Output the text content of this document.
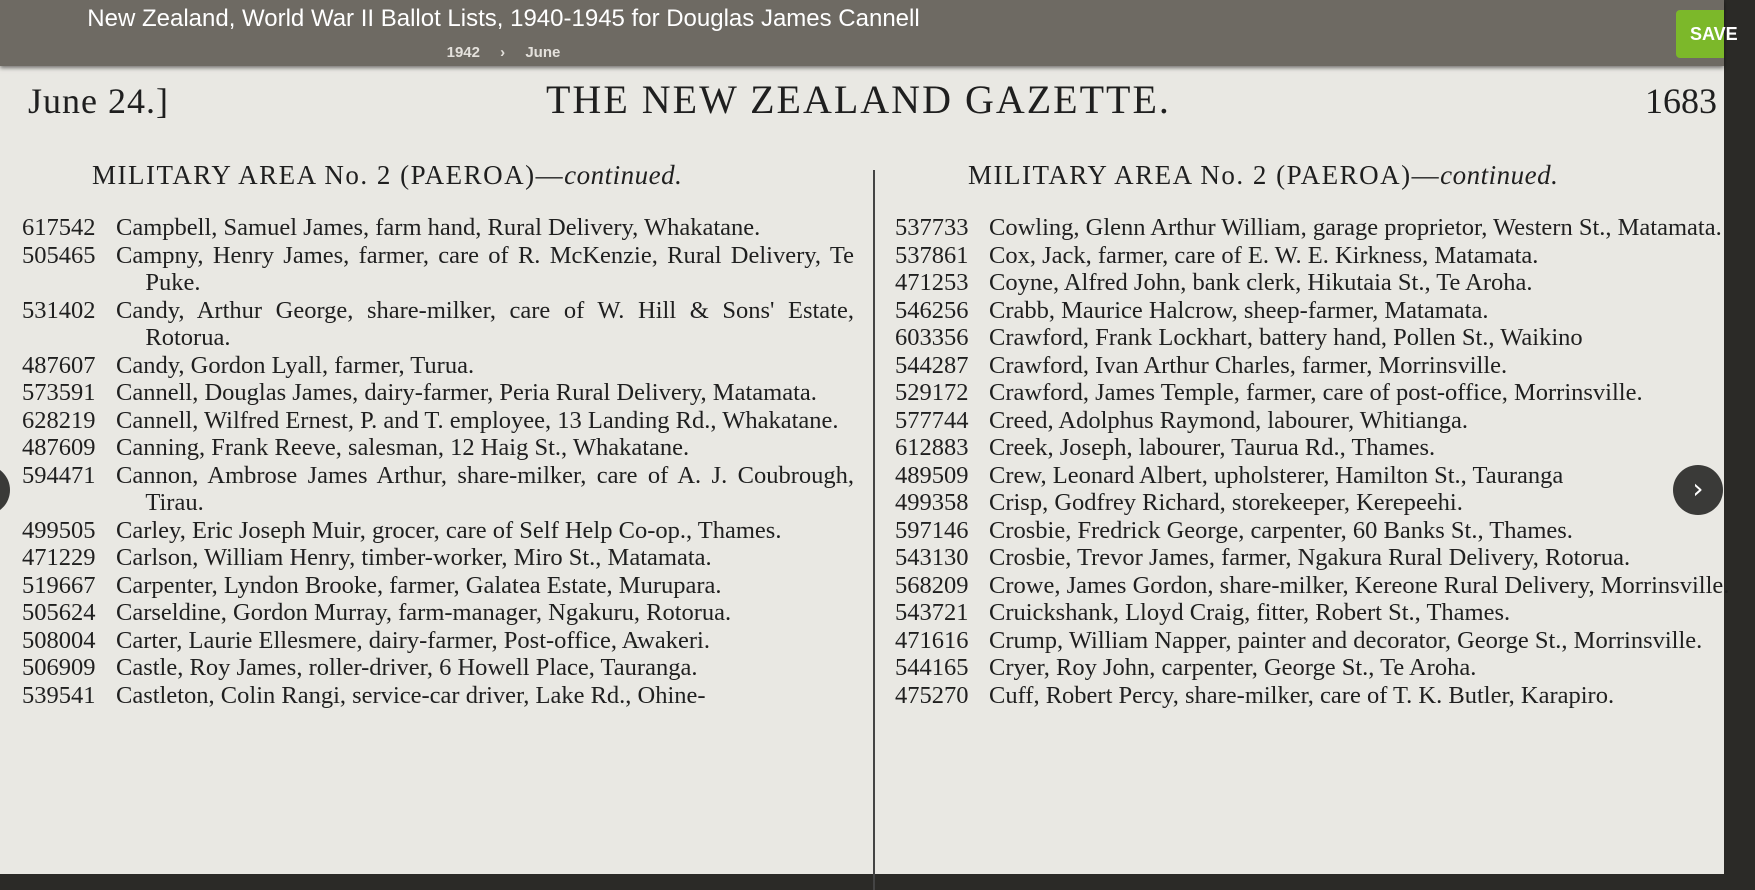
New Zealand, World War II Ballot Lists, 1940-1945 for Douglas James Cannell
1942 › June
SAVE
June 24.]	THE NEW ZEALAND GAZETTE.	1683
MILITARY AREA No. 2 (PAEROA)—continued.	MILITARY AREA No. 2 (PAEROA)—continued.
617542 Campbell, Samuel James, farm hand, Rural Delivery, Whakatane.
505465 Campny, Henry James, farmer, care of R. McKenzie, Rural Delivery, Te Puke.
531402 Candy, Arthur George, share-milker, care of W. Hill & Sons' Estate, Rotorua.
487607 Candy, Gordon Lyall, farmer, Turua.
573591 Cannell, Douglas James, dairy-farmer, Peria Rural Delivery, Matamata.
628219 Cannell, Wilfred Ernest, P. and T. employee, 13 Landing Rd., Whakatane.
487609 Canning, Frank Reeve, salesman, 12 Haig St., Whakatane.
594471 Cannon, Ambrose James Arthur, share-milker, care of A. J. Coubrough, Tirau.
499505 Carley, Eric Joseph Muir, grocer, care of Self Help Co-op., Thames.
471229 Carlson, William Henry, timber-worker, Miro St., Matamata.
519667 Carpenter, Lyndon Brooke, farmer, Galatea Estate, Murupara.
505624 Carseldine, Gordon Murray, farm-manager, Ngakuru, Rotorua.
508004 Carter, Laurie Ellesmere, dairy-farmer, Post-office, Awakeri.
506909 Castle, Roy James, roller-driver, 6 Howell Place, Tauranga.
539541 Castleton, Colin Rangi, service-car driver, Lake Rd., Ohine-
537733 Cowling, Glenn Arthur William, garage proprietor, Western St., Matamata.
537861 Cox, Jack, farmer, care of E. W. E. Kirkness, Matamata.
471253 Coyne, Alfred John, bank clerk, Hikutaia St., Te Aroha.
546256 Crabb, Maurice Halcrow, sheep-farmer, Matamata.
603356 Crawford, Frank Lockhart, battery hand, Pollen St., Waikino
544287 Crawford, Ivan Arthur Charles, farmer, Morrinsville.
529172 Crawford, James Temple, farmer, care of post-office, Morrinsville.
577744 Creed, Adolphus Raymond, labourer, Whitianga.
612883 Creek, Joseph, labourer, Taurua Rd., Thames.
489509 Crew, Leonard Albert, upholsterer, Hamilton St., Tauranga
499358 Crisp, Godfrey Richard, storekeeper, Kerepeehi.
597146 Crosbie, Fredrick George, carpenter, 60 Banks St., Thames.
543130 Crosbie, Trevor James, farmer, Ngakura Rural Delivery, Rotorua.
568209 Crowe, James Gordon, share-milker, Kereone Rural Delivery, Morrinsville.
543721 Cruickshank, Lloyd Craig, fitter, Robert St., Thames.
471616 Crump, William Napper, painter and decorator, George St., Morrinsville.
544165 Cryer, Roy John, carpenter, George St., Te Aroha.
475270 Cuff, Robert Percy, share-milker, care of T. K. Butler, Karapiro.
›
